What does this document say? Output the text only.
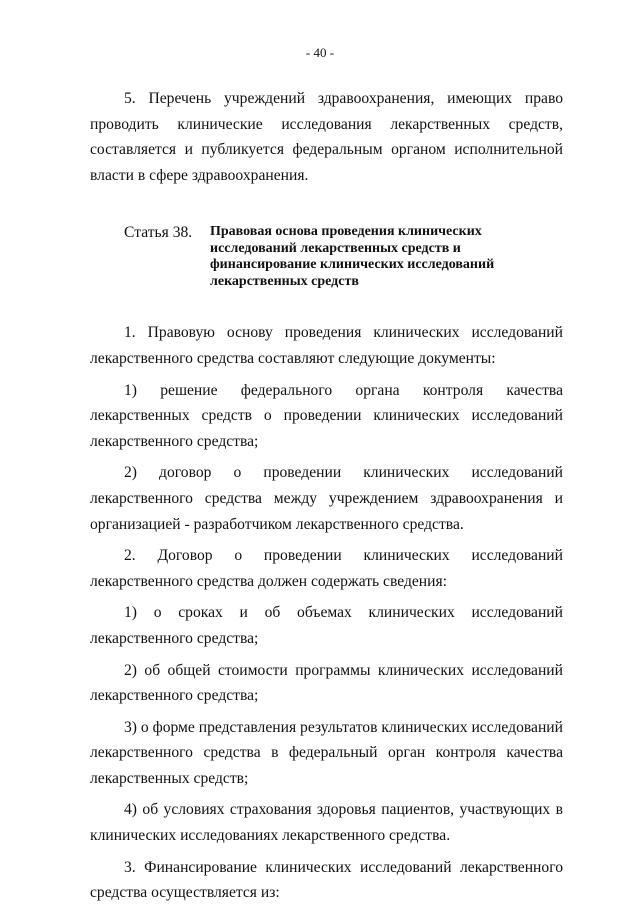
- 40 -

5. Перечень учреждений здравоохранения, имеющих право проводить клинические исследования лекарственных средств, составляется и публикуется федеральным органом исполнительной власти в сфере здравоохранения.

Статья 38.	Правовая основа проведения клинических исследований лекарственных средств и финансирование клинических исследований лекарственных средств

1. Правовую основу проведения клинических исследований лекарственного средства составляют следующие документы:

1) решение федерального органа контроля качества лекарственных средств о проведении клинических исследований лекарственного средства;

2) договор о проведении клинических исследований лекарственного средства между учреждением здравоохранения и организацией - разработчиком лекарственного средства.

2. Договор о проведении клинических исследований лекарственного средства должен содержать сведения:

1) о сроках и об объемах клинических исследований лекарственного средства;

2) об общей стоимости программы клинических исследований лекарственного средства;

3) о форме представления результатов клинических исследований лекарственного средства в федеральный орган контроля качества лекарственных средств;

4) об условиях страхования здоровья пациентов, участвующих в клинических исследованиях лекарственного средства.

3. Финансирование клинических исследований лекарственного средства осуществляется из:
